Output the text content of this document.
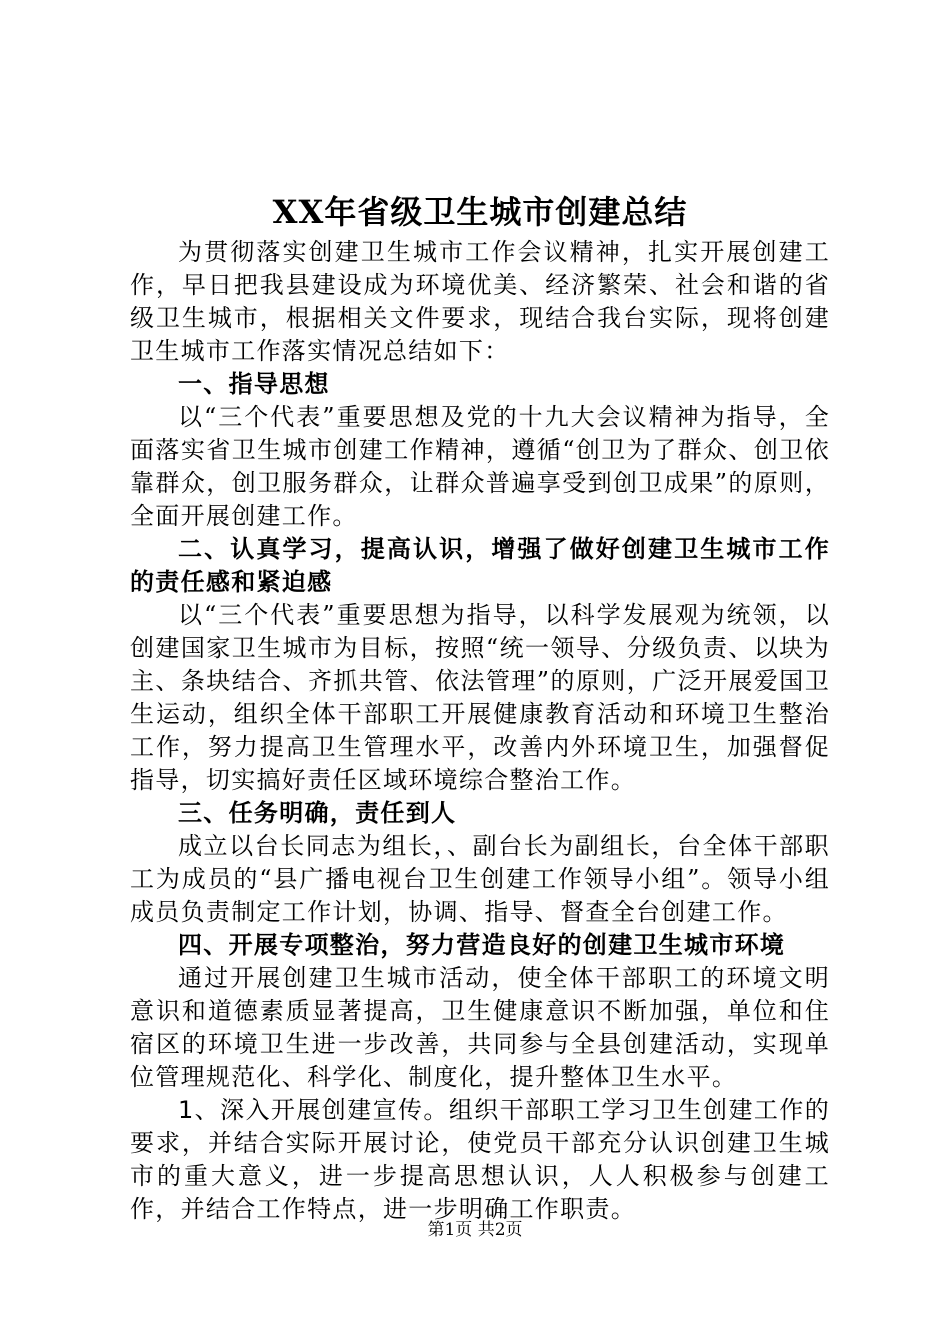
XX年省级卫生城市创建总结

为贯彻落实创建卫生城市工作会议精神，扎实开展创建工作，早日把我县建设成为环境优美、经济繁荣、社会和谐的省级卫生城市，根据相关文件要求，现结合我台实际，现将创建卫生城市工作落实情况总结如下：

一、指导思想

以“三个代表”重要思想及党的十九大会议精神为指导，全面落实省卫生城市创建工作精神，遵循“创卫为了群众、创卫依靠群众，创卫服务群众，让群众普遍享受到创卫成果”的原则，全面开展创建工作。

二、认真学习，提高认识，增强了做好创建卫生城市工作的责任感和紧迫感

以“三个代表”重要思想为指导，以科学发展观为统领，以创建国家卫生城市为目标，按照“统一领导、分级负责、以块为主、条块结合、齐抓共管、依法管理”的原则，广泛开展爱国卫生运动，组织全体干部职工开展健康教育活动和环境卫生整治工作，努力提高卫生管理水平，改善内外环境卫生，加强督促指导，切实搞好责任区域环境综合整治工作。

三、任务明确，责任到人

成立以台长同志为组长，、副台长为副组长，台全体干部职工为成员的“县广播电视台卫生创建工作领导小组”。领导小组成员负责制定工作计划，协调、指导、督查全台创建工作。

四、开展专项整治，努力营造良好的创建卫生城市环境

通过开展创建卫生城市活动，使全体干部职工的环境文明意识和道德素质显著提高，卫生健康意识不断加强，单位和住宿区的环境卫生进一步改善，共同参与全县创建活动，实现单位管理规范化、科学化、制度化，提升整体卫生水平。

1、深入开展创建宣传。组织干部职工学习卫生创建工作的要求，并结合实际开展讨论，使党员干部充分认识创建卫生城市的重大意义，进一步提高思想认识，人人积极参与创建工作，并结合工作特点，进一步明确工作职责。

第1页 共2页
